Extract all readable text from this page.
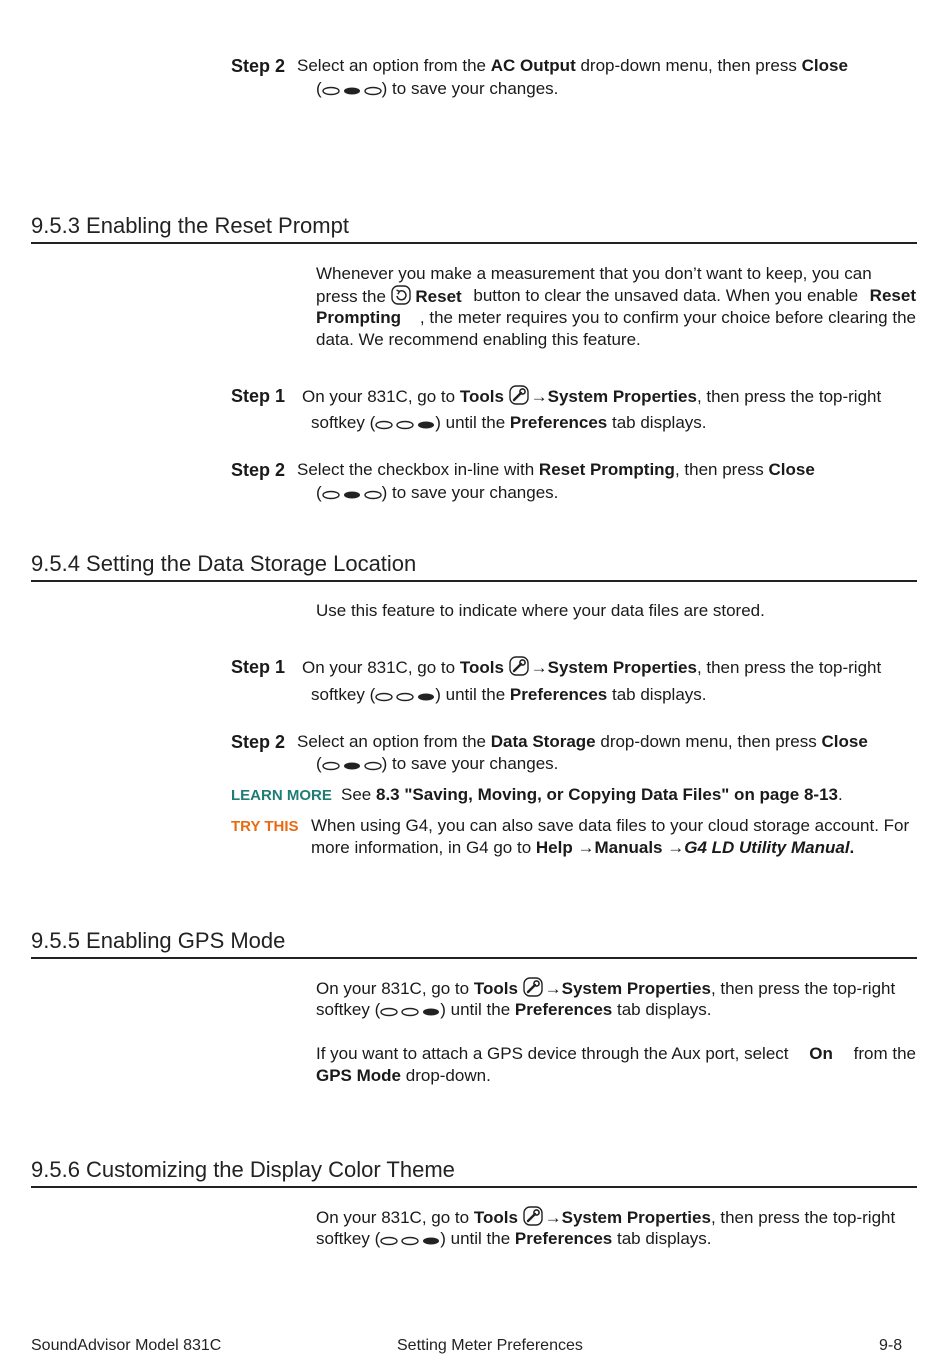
Step 2 Select an option from the AC Output drop-down menu, then press Close
(	) to save your changes.
9.5.3 Enabling the Reset Prompt
Whenever you make a measurement that you don’t want to keep, you can
press the Reset button to clear the unsaved data. When you enable Reset
Prompting , the meter requires you to confirm your choice before clearing the
data. We recommend enabling this feature.
Step 1 On your 831C, go to Tools →System Properties, then press the top-right
softkey (	) until the Preferences tab displays.
Step 2 Select the checkbox in-line with Reset Prompting, then press Close
(	) to save your changes.
9.5.4 Setting the Data Storage Location
Use this feature to indicate where your data files are stored.
Step 1 On your 831C, go to Tools →System Properties, then press the top-right
softkey (	) until the Preferences tab displays.
Step 2 Select an option from the Data Storage drop-down menu, then press Close
(	) to save your changes.
LEARN MORE See 8.3 "Saving, Moving, or Copying Data Files" on page 8-13.
TRY THIS When using G4, you can also save data files to your cloud storage account. For
more information, in G4 go to Help →Manuals →G4 LD Utility Manual.
9.5.5 Enabling GPS Mode
On your 831C, go to Tools →System Properties, then press the top-right
softkey (	) until the Preferences tab displays.
If you want to attach a GPS device through the Aux port, select On from the
GPS Mode drop-down.
9.5.6 Customizing the Display Color Theme
On your 831C, go to Tools →System Properties, then press the top-right
softkey (	) until the Preferences tab displays.
SoundAdvisor Model 831C	Setting Meter Preferences	9-8
